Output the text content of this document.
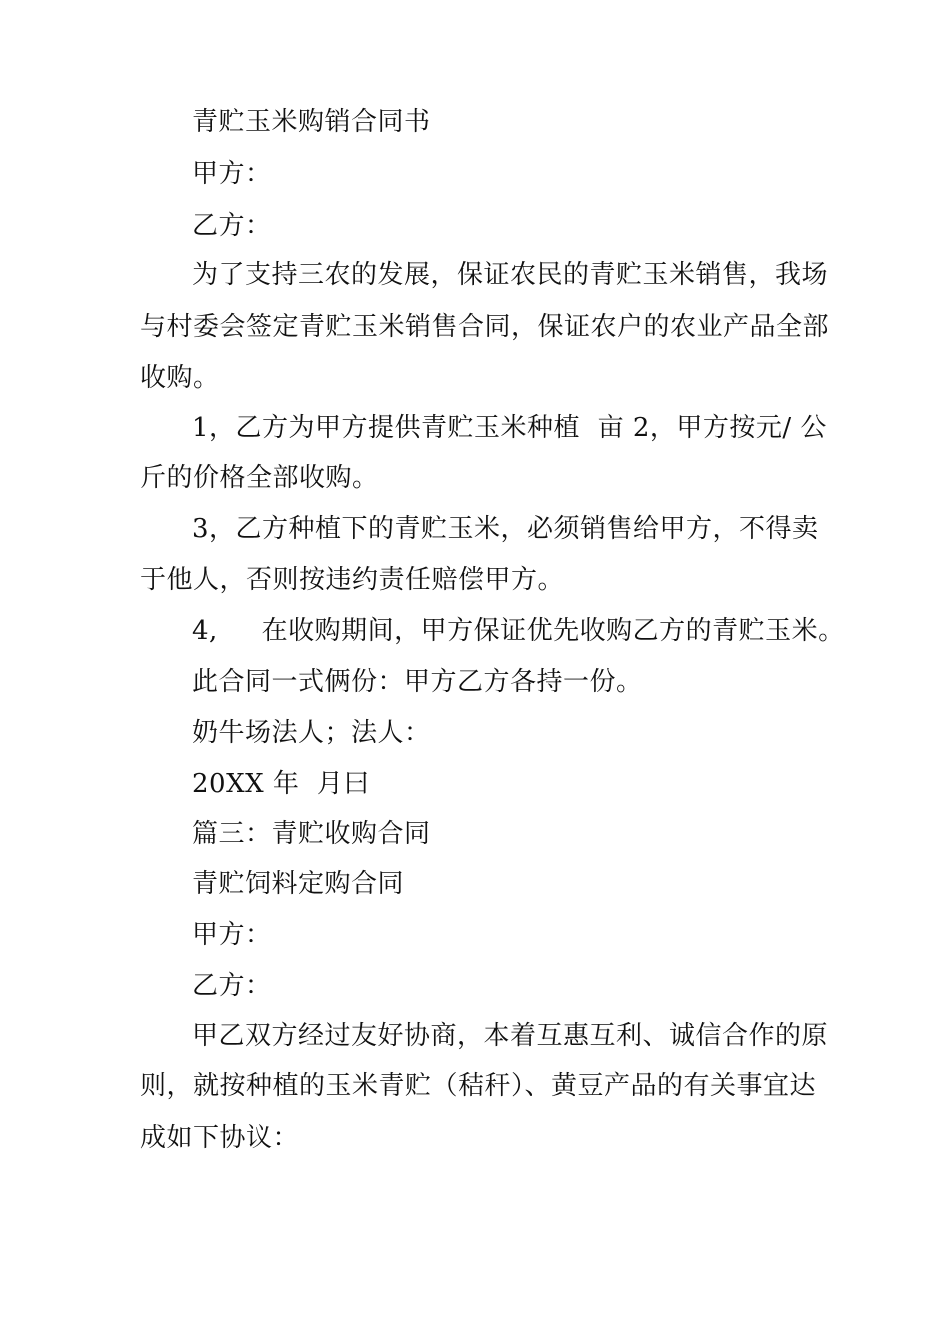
青贮玉米购销合同书
甲方：
乙方：
为了支持三农的发展，保证农民的青贮玉米销售，我场
与村委会签定青贮玉米销售合同，保证农户的农业产品全部
收购。
1，乙方为甲方提供青贮玉米种植  亩 2，甲方按元/ 公
斤的价格全部收购。
3，乙方种植下的青贮玉米，必须销售给甲方，不得卖
于他人，否则按违约责任赔偿甲方。
4,     在收购期间，甲方保证优先收购乙方的青贮玉米。
此合同一式俩份：甲方乙方各持一份。
奶牛场法人；法人：
20XX 年  月曰
篇三：青贮收购合同
青贮饲料定购合同
甲方：
乙方：
甲乙双方经过友好协商，本着互惠互利、诚信合作的原
则，就按种植的玉米青贮（秸秆）、黄豆产品的有关事宜达
成如下协议：
